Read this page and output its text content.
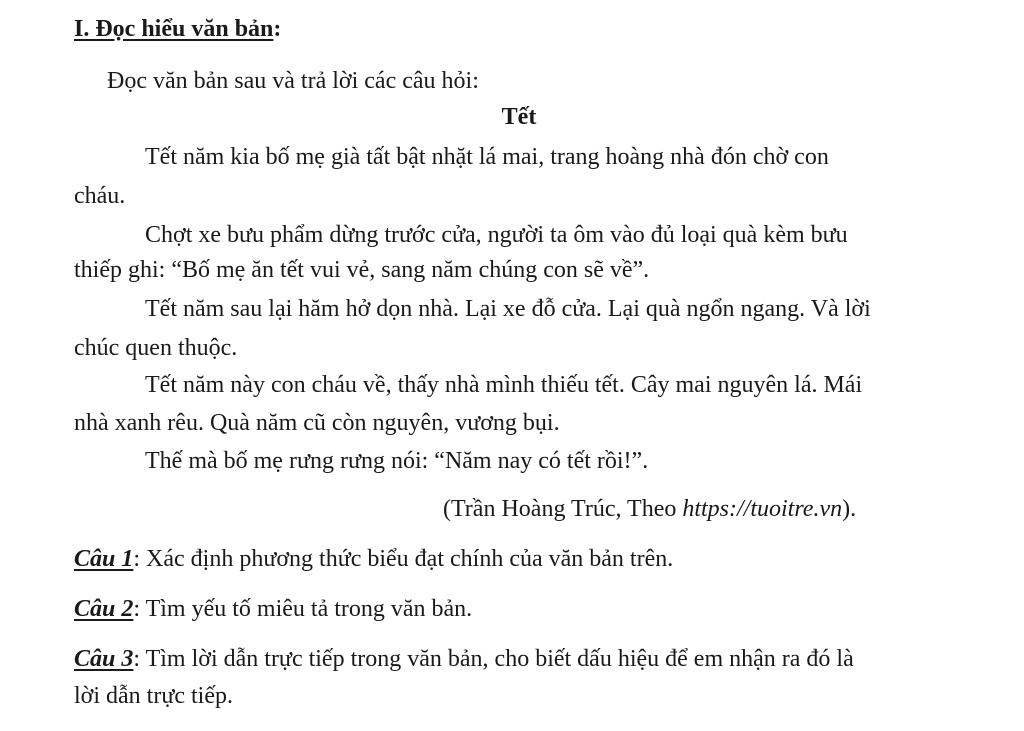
I. Đọc hiểu văn bản:
Đọc văn bản sau và trả lời các câu hỏi:
Tết
Tết năm kia bố mẹ già tất bật nhặt lá mai, trang hoàng nhà đón chờ con
cháu.
Chợt xe bưu phẩm dừng trước cửa, người ta ôm vào đủ loại quà kèm bưu
thiếp ghi: “Bố mẹ ăn tết vui vẻ, sang năm chúng con sẽ về”.
Tết năm sau lại hăm hở dọn nhà. Lại xe đỗ cửa. Lại quà ngổn ngang. Và lời
chúc quen thuộc.
Tết năm này con cháu về, thấy nhà mình thiếu tết. Cây mai nguyên lá. Mái
nhà xanh rêu. Quà năm cũ còn nguyên, vương bụi.
Thế mà bố mẹ rưng rưng nói: “Năm nay có tết rồi!”.
(Trần Hoàng Trúc, Theo https://tuoitre.vn).
Câu 1: Xác định phương thức biểu đạt chính của văn bản trên.
Câu 2: Tìm yếu tố miêu tả trong văn bản.
Câu 3: Tìm lời dẫn trực tiếp trong văn bản, cho biết dấu hiệu để em nhận ra đó là
lời dẫn trực tiếp.
